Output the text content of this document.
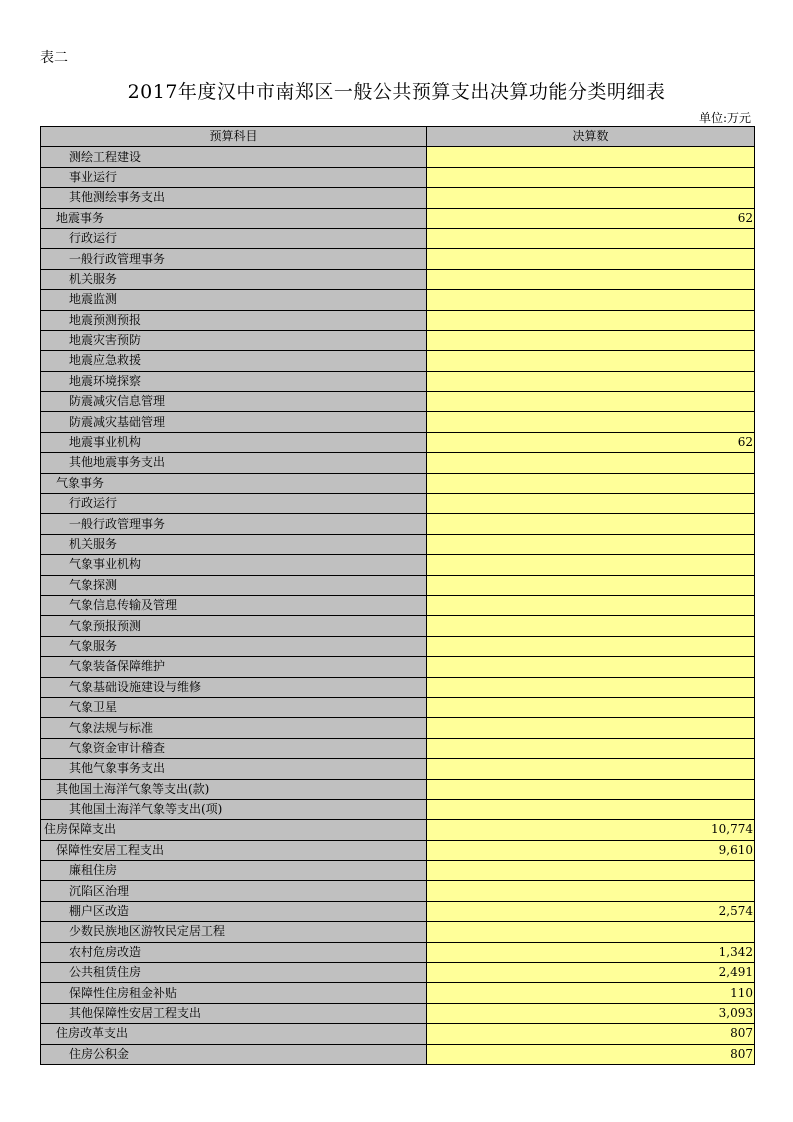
表二
2017年度汉中市南郑区一般公共预算支出决算功能分类明细表
单位:万元
预算科目	决算数
测绘工程建设	
事业运行	
其他测绘事务支出	
地震事务	62
行政运行	
一般行政管理事务	
机关服务	
地震监测	
地震预测预报	
地震灾害预防	
地震应急救援	
地震环境探察	
防震减灾信息管理	
防震减灾基础管理	
地震事业机构	62
其他地震事务支出	
气象事务	
行政运行	
一般行政管理事务	
机关服务	
气象事业机构	
气象探测	
气象信息传输及管理	
气象预报预测	
气象服务	
气象装备保障维护	
气象基础设施建设与维修	
气象卫星	
气象法规与标准	
气象资金审计稽查	
其他气象事务支出	
其他国土海洋气象等支出(款)	
其他国土海洋气象等支出(项)	
住房保障支出	10,774
保障性安居工程支出	9,610
廉租住房	
沉陷区治理	
棚户区改造	2,574
少数民族地区游牧民定居工程	
农村危房改造	1,342
公共租赁住房	2,491
保障性住房租金补贴	110
其他保障性安居工程支出	3,093
住房改革支出	807
住房公积金	807
